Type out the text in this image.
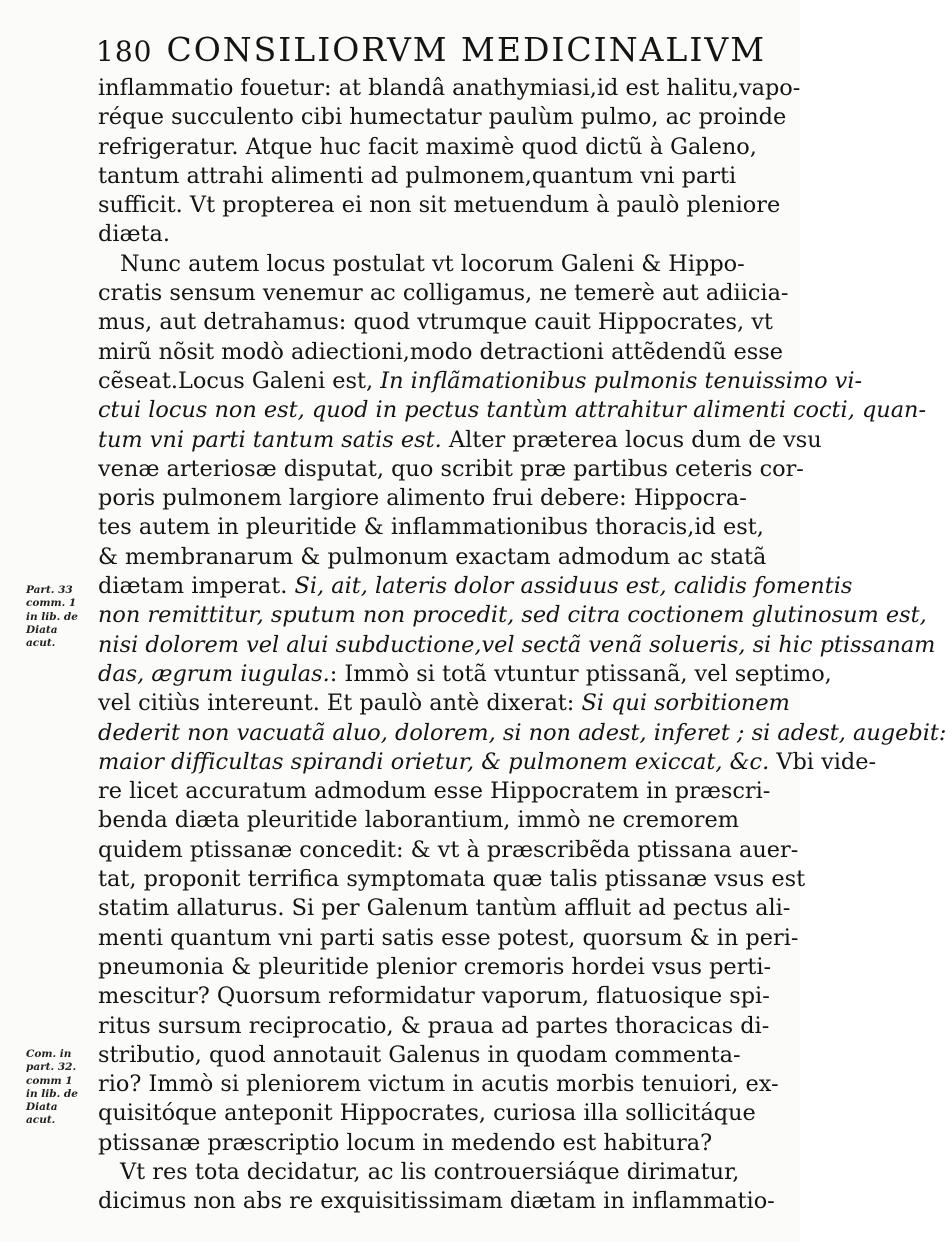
180 CONSILIORVM MEDICINALIVM
inflammatio fouetur: at blandâ anathymiasi,id est halitu,vapo-
réque succulento cibi humectatur paulùm pulmo, ac proinde
refrigeratur. Atque huc facit maximè quod dictũ à Galeno,
tantum attrahi alimenti ad pulmonem,quantum vni parti
sufficit. Vt propterea ei non sit metuendum à paulò pleniore
diæta.
Nunc autem locus postulat vt locorum Galeni & Hippo-
cratis sensum venemur ac colligamus, ne temerè aut adiicia-
mus, aut detrahamus: quod vtrumque cauit Hippocrates, vt
mirũ nõsit modò adiectioni,modo detractioni attẽdendũ esse
cẽseat.Locus Galeni est, In inflãmationibus pulmonis tenuissimo vi-
ctui locus non est, quod in pectus tantùm attrahitur alimenti cocti, quan-
tum vni parti tantum satis est. Alter præterea locus dum de vsu
venæ arteriosæ disputat, quo scribit præ partibus ceteris cor-
poris pulmonem largiore alimento frui debere: Hippocra-
tes autem in pleuritide & inflammationibus thoracis,id est,
& membranarum & pulmonum exactam admodum ac statã
diætam imperat. Si, ait, lateris dolor assiduus est, calidis fomentis
non remittitur, sputum non procedit, sed citra coctionem glutinosum est,
nisi dolorem vel alui subductione,vel sectã venã solueris, si hic ptissanam
das, ægrum iugulas.: Immò si totã vtuntur ptissanã, vel septimo,
vel citiùs intereunt. Et paulò antè dixerat: Si qui sorbitionem
dederit non vacuatã aluo, dolorem, si non adest, inferet ; si adest, augebit:
maior difficultas spirandi orietur, & pulmonem exiccat, &c. Vbi vide-
re licet accuratum admodum esse Hippocratem in præscri-
benda diæta pleuritide laborantium, immò ne cremorem
quidem ptissanæ concedit: & vt à præscribẽda ptissana auer-
tat, proponit terrifica symptomata quæ talis ptissanæ vsus est
statim allaturus. Si per Galenum tantùm affluit ad pectus ali-
menti quantum vni parti satis esse potest, quorsum & in peri-
pneumonia & pleuritide plenior cremoris hordei vsus perti-
mescitur? Quorsum reformidatur vaporum, flatuosique spi-
ritus sursum reciprocatio, & praua ad partes thoracicas di-
stributio, quod annotauit Galenus in quodam commenta-
rio? Immò si pleniorem victum in acutis morbis tenuiori, ex-
quisitóque anteponit Hippocrates, curiosa illa sollicitáque
ptissanæ præscriptio locum in medendo est habitura?
Vt res tota decidatur, ac lis controuersiáque dirimatur,
dicimus non abs re exquisitissimam diætam in inflammatio-
Part. 33
comm. 1
in lib. de
Diata
acut.
Com. in
part. 32.
comm 1
in lib. de
Diata
acut.
